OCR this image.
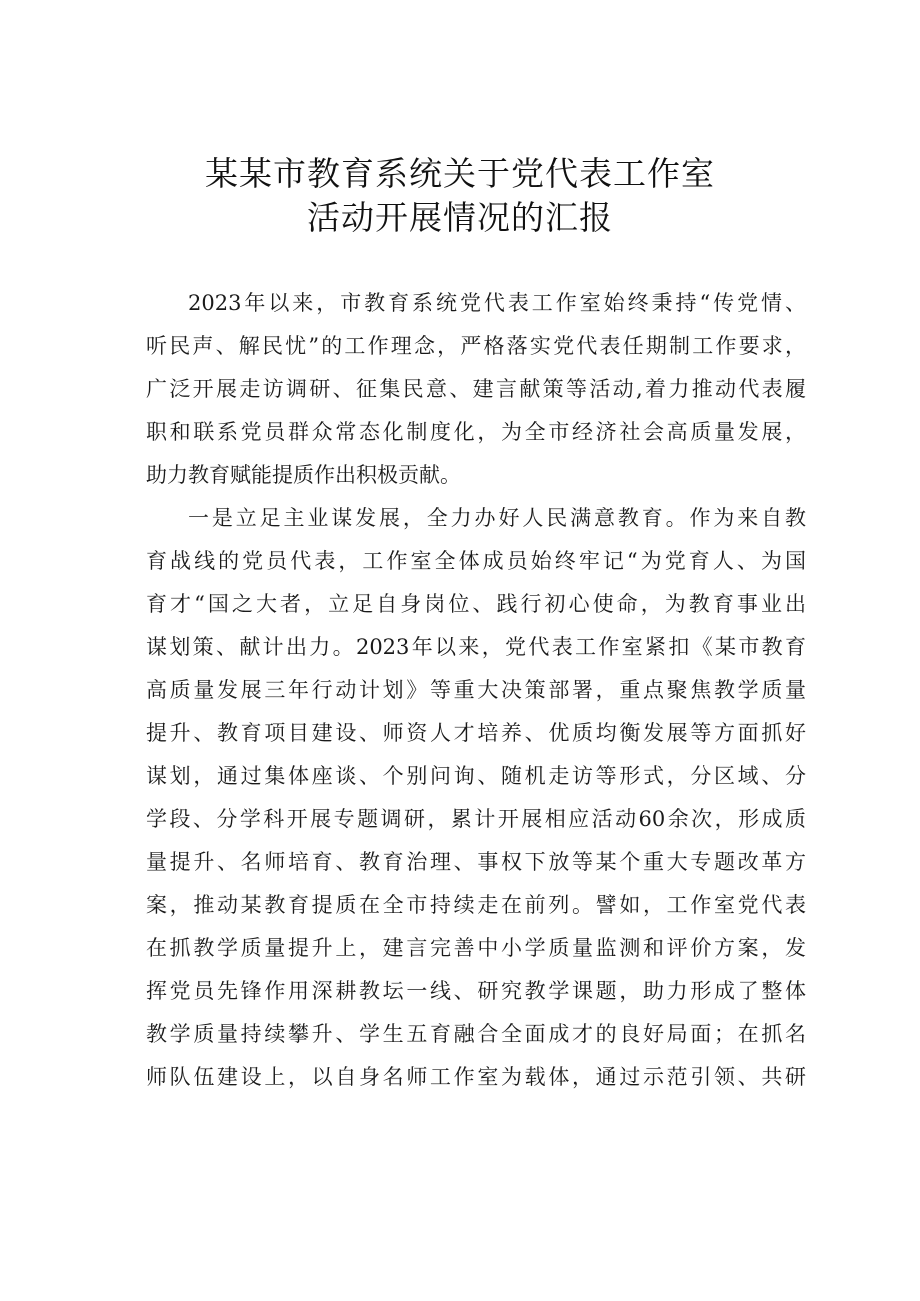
某某市教育系统关于党代表工作室
活动开展情况的汇报
2023年以来，市教育系统党代表工作室始终秉持“传党情、
听民声、解民忧”的工作理念，严格落实党代表任期制工作要求，
广泛开展走访调研、征集民意、建言献策等活动,着力推动代表履
职和联系党员群众常态化制度化，为全市经济社会高质量发展，
助力教育赋能提质作出积极贡献。
一是立足主业谋发展，全力办好人民满意教育。作为来自教
育战线的党员代表，工作室全体成员始终牢记“为党育人、为国
育才“国之大者，立足自身岗位、践行初心使命，为教育事业出
谋划策、献计出力。2023年以来，党代表工作室紧扣《某市教育
高质量发展三年行动计划》等重大决策部署，重点聚焦教学质量
提升、教育项目建设、师资人才培养、优质均衡发展等方面抓好
谋划，通过集体座谈、个别问询、随机走访等形式，分区域、分
学段、分学科开展专题调研，累计开展相应活动60余次，形成质
量提升、名师培育、教育治理、事权下放等某个重大专题改革方
案，推动某教育提质在全市持续走在前列。譬如，工作室党代表
在抓教学质量提升上，建言完善中小学质量监测和评价方案，发
挥党员先锋作用深耕教坛一线、研究教学课题，助力形成了整体
教学质量持续攀升、学生五育融合全面成才的良好局面；在抓名
师队伍建设上，以自身名师工作室为载体，通过示范引领、共研
